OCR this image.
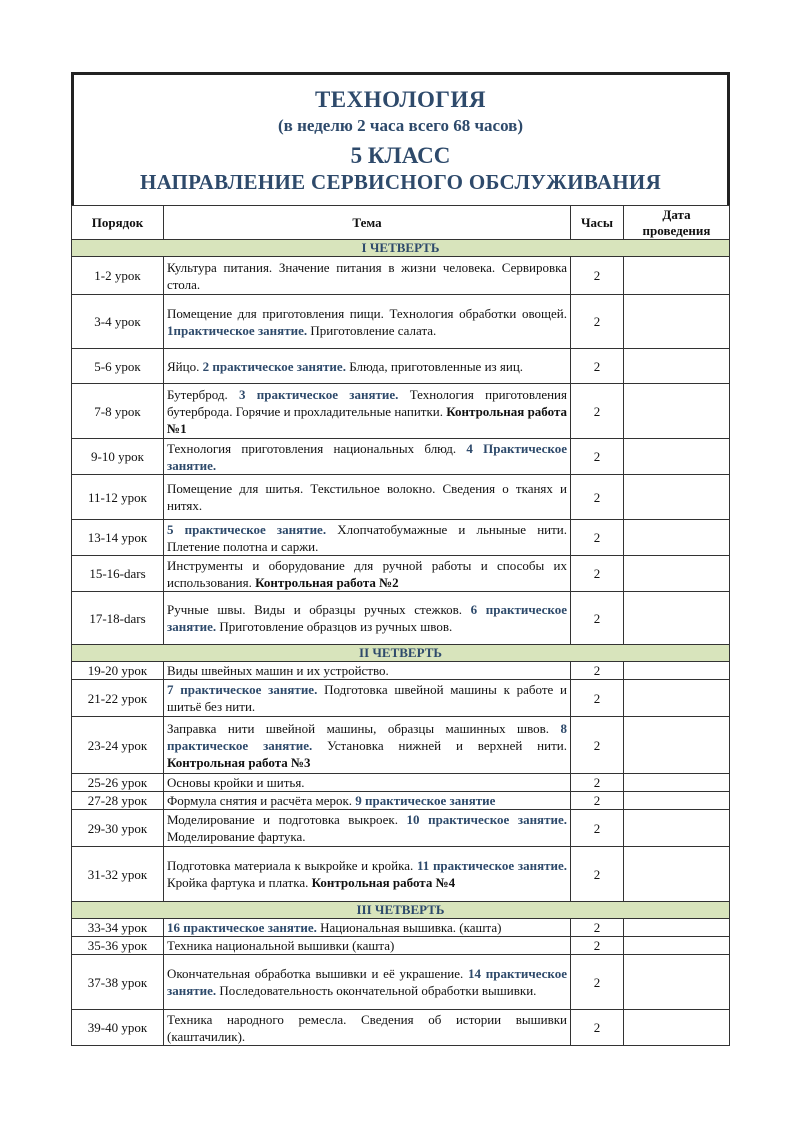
ТЕХНОЛОГИЯ
(в неделю 2 часа всего 68 часов)
5 КЛАСС
НАПРАВЛЕНИЕ СЕРВИСНОГО ОБСЛУЖИВАНИЯ
Порядок	Тема	Часы	Дата проведения
I ЧЕТВЕРТЬ			
1-2 урок	Культура питания. Значение питания в жизни человека. Сервировка стола.	2	
3-4 урок	Помещение для приготовления пищи. Технология обработки овощей. 1практическое занятие. Приготовление салата.	2	
5-6 урок	Яйцо. 2 практическое занятие. Блюда, приготовленные из яиц.	2	
7-8 урок	Бутерброд. 3 практическое занятие. Технология приготовления бутерброда. Горячие и прохладительные напитки. Контрольная работа №1	2	
9-10 урок	Технология приготовления национальных блюд. 4 Практическое занятие.	2	
11-12 урок	Помещение для шитья. Текстильное волокно. Сведения о тканях и нитях.	2	
13-14 урок	5 практическое занятие. Хлопчатобумажные и льныные нити. Плетение полотна и саржи.	2	
15-16-dars	Инструменты и оборудование для ручной работы и способы их использования. Контрольная работа №2	2	
17-18-dars	Ручные швы. Виды и образцы ручных стежков. 6 практическое занятие. Приготовление образцов из ручных швов.	2	
II ЧЕТВЕРТЬ			
19-20 урок	Виды швейных машин и их устройство.	2	
21-22 урок	7 практическое занятие. Подготовка швейной машины к работе и шитьё без нити.	2	
23-24 урок	Заправка нити швейной машины, образцы машинных швов. 8 практическое занятие. Установка нижней и верхней нити. Контрольная работа №3	2	
25-26 урок	Основы кройки и шитья.	2	
27-28 урок	Формула снятия и расчёта мерок. 9 практическое занятие	2	
29-30 урок	Моделирование и подготовка выкроек. 10 практическое занятие. Моделирование фартука.	2	
31-32 урок	Подготовка материала к выкройке и кройка. 11 практическое занятие. Кройка фартука и платка. Контрольная работа №4	2	
III ЧЕТВЕРТЬ			
33-34 урок	16 практическое занятие. Национальная вышивка. (кашта)	2	
35-36 урок	Техника национальной вышивки (кашта)	2	
37-38 урок	Окончательная обработка вышивки и её украшение. 14 практическое занятие. Последовательность окончательной обработки вышивки.	2	
39-40 урок	Техника народного ремесла. Сведения об истории вышивки (каштачилик).	2	
